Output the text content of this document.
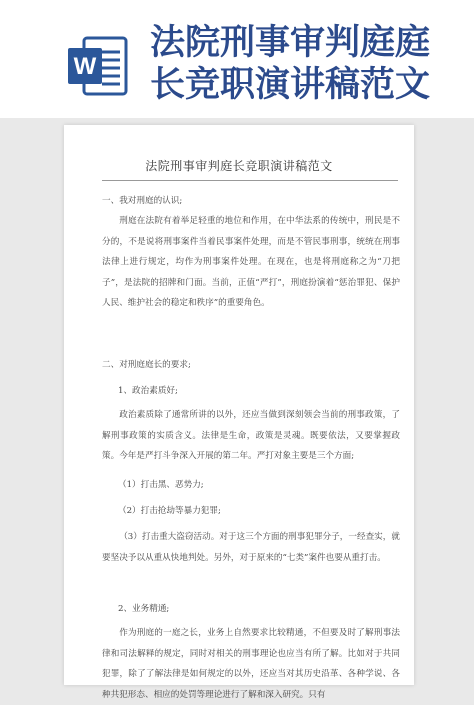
W
法院刑事审判庭庭
长竞职演讲稿范文
法院刑事审判庭长竞职演讲稿范文
一、我对刑庭的认识;
刑庭在法院有着举足轻重的地位和作用，在中华法系的传统中，刑民是不分的，不是说将刑事案件当着民事案件处理，而是不管民事刑事，统统在刑事法律上进行规定，均作为刑事案件处理。在现在，也是将刑庭称之为“刀把子”，是法院的招牌和门面。当前，正值“严打”，刑庭扮演着“惩治罪犯、保护人民、维护社会的稳定和秩序”的重要角色。
二、对刑庭庭长的要求;
1、政治素质好;
政治素质除了通常所讲的以外，还应当做到深刻领会当前的刑事政策，了解刑事政策的实质含义。法律是生命，政策是灵魂。既要依法，又要掌握政策。今年是严打斗争深入开展的第二年。严打对象主要是三个方面;
（1）打击黑、恶势力;
（2）打击抢劫等暴力犯罪;
（3）打击重大盗窃活动。对于这三个方面的刑事犯罪分子，一经查实，就要坚决予以从重从快地判处。另外，对于原来的“七类”案件也要从重打击。
2、业务精通;
作为刑庭的一庭之长，业务上自然要求比较精通，不但要及时了解刑事法律和司法解释的规定，同时对相关的刑事理论也应当有所了解。比如对于共同犯罪，除了了解法律是如何规定的以外，还应当对其历史沿革、各种学说、各种共犯形态、相应的处罚等理论进行了解和深入研究。只有
